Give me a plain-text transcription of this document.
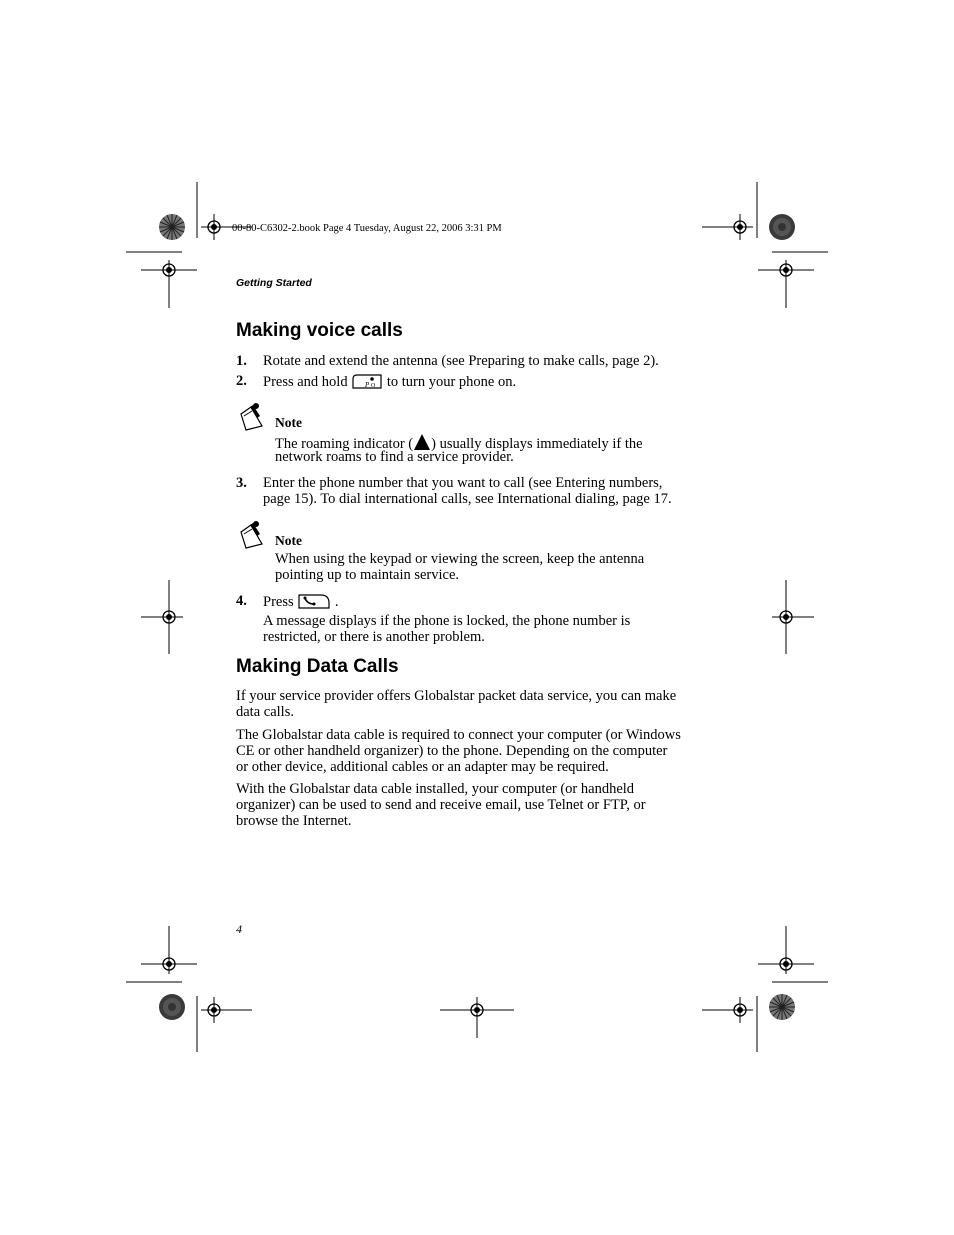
00-80-C6302-2.book Page 4 Tuesday, August 22, 2006 3:31 PM
Getting Started
Making voice calls
1. Rotate and extend the antenna (see Preparing to make calls, page 2).
2. Press and hold	P O to turn your phone on.
Note
The roaming indicator ( ) usually displays immediately if the
network roams to find a service provider.
3. Enter the phone number that you want to call (see Entering numbers,
page 15). To dial international calls, see International dialing, page 17.
Note
When using the keypad or viewing the screen, keep the antenna
pointing up to maintain service.
4. Press	.
A message displays if the phone is locked, the phone number is
restricted, or there is another problem.
Making Data Calls
If your service provider offers Globalstar packet data service, you can make
data calls.
The Globalstar data cable is required to connect your computer (or Windows
CE or other handheld organizer) to the phone. Depending on the computer
or other device, additional cables or an adapter may be required.
With the Globalstar data cable installed, your computer (or handheld
organizer) can be used to send and receive email, use Telnet or FTP, or
browse the Internet.
4
